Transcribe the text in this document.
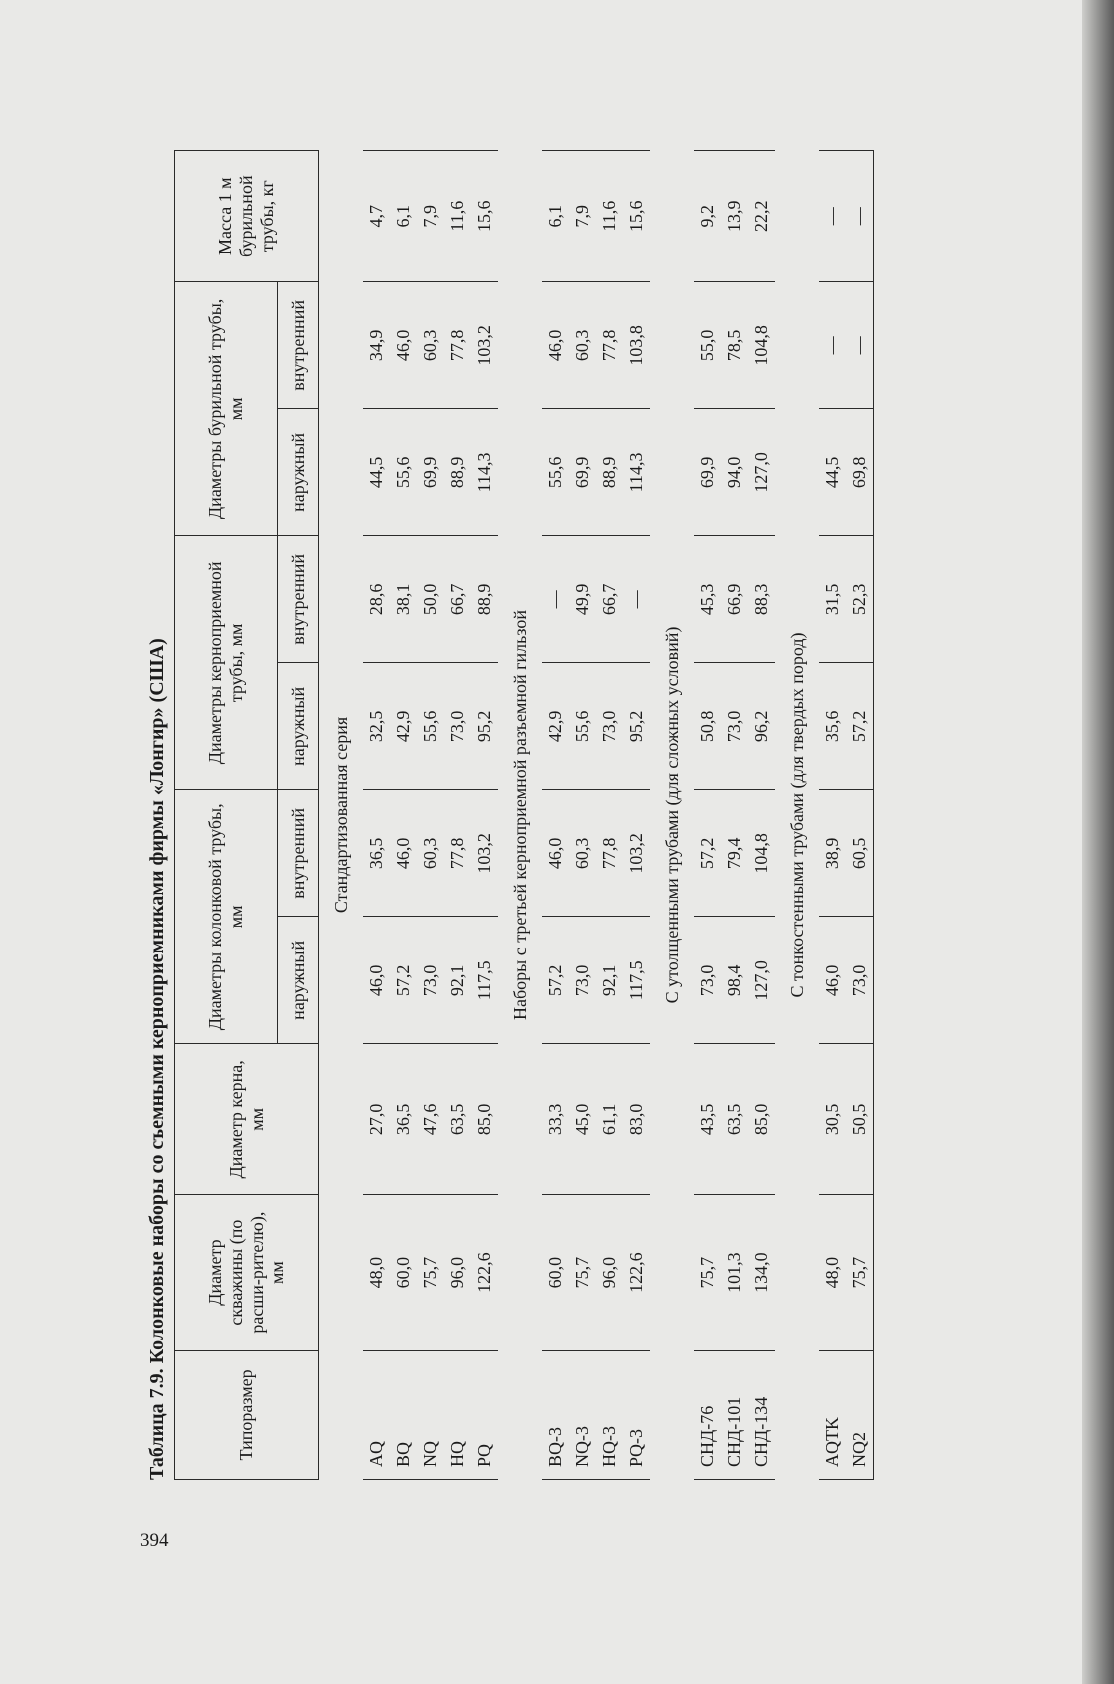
Таблица 7.9. Колонковые наборы со съемными керноприемниками фирмы «Лонгир» (США)	Типоразмер	Диаметр скважины (по расши-рителю), мм	Диаметр керна, мм	Диаметры колонковой трубы, мм		Диаметры керноприемной трубы, мм		Диаметры бурильной трубы, мм		Масса 1 м бурильной трубы, кг
			наружный	внутренний	наружный	внутренний	наружный	внутренний	
Стандартизованная серия									
AQ	48,0	27,0	46,0	36,5	32,5	28,6	44,5	34,9	4,7
BQ	60,0	36,5	57,2	46,0	42,9	38,1	55,6	46,0	6,1
NQ	75,7	47,6	73,0	60,3	55,6	50,0	69,9	60,3	7,9
HQ	96,0	63,5	92,1	77,8	73,0	66,7	88,9	77,8	11,6
PQ	122,6	85,0	117,5	103,2	95,2	88,9	114,3	103,2	15,6
Наборы с третьей керноприемной разъемной гильзой									
BQ-3	60,0	33,3	57,2	46,0	42,9	—	55,6	46,0	6,1
NQ-3	75,7	45,0	73,0	60,3	55,6	49,9	69,9	60,3	7,9
HQ-3	96,0	61,1	92,1	77,8	73,0	66,7	88,9	77,8	11,6
PQ-3	122,6	83,0	117,5	103,2	95,2	—	114,3	103,8	15,6
С утолщенными трубами (для сложных условий)									
СНД-76	75,7	43,5	73,0	57,2	50,8	45,3	69,9	55,0	9,2
СНД-101	101,3	63,5	98,4	79,4	73,0	66,9	94,0	78,5	13,9
СНД-134	134,0	85,0	127,0	104,8	96,2	88,3	127,0	104,8	22,2
С тонкостенными трубами (для твердых пород)									
AQTK	48,0	30,5	46,0	38,9	35,6	31,5	44,5	—	—
NQ2	75,7	50,5	73,0	60,5	57,2	52,3	69,8	—	—
394
